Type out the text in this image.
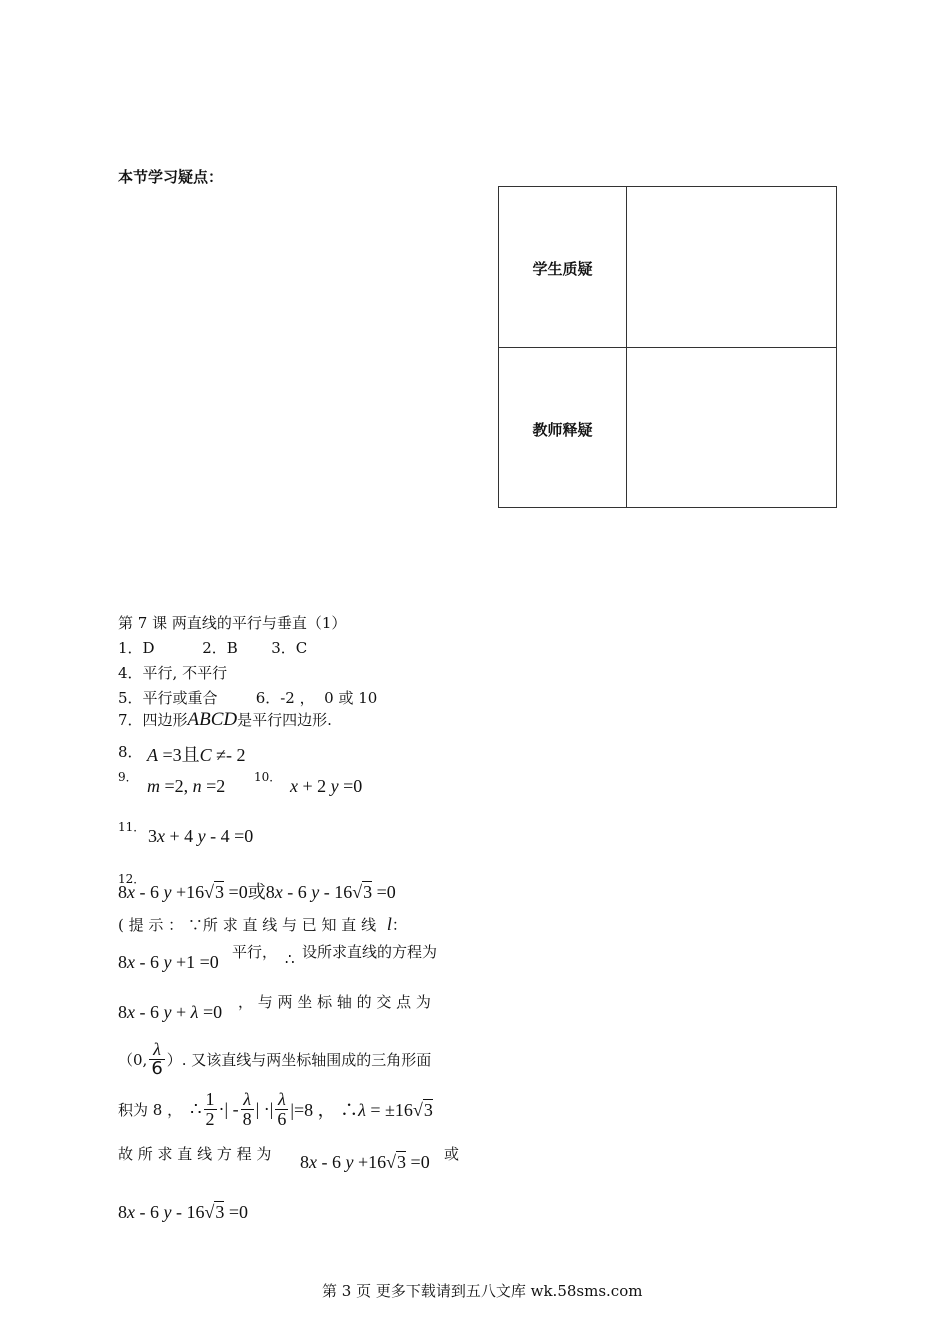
本节学习疑点：
学生质疑
教师释疑
第 7 课 两直线的平行与垂直（1）
1．D          2．B       3．C
4．平行, 不平行
5．平行或重合        6．-2 ，  0 或 10
7．四边形ABCD是平行四边形.
8． A =3且C ≠- 2
9． m =2, n =2 10． x + 2 y =0
11． 3x + 4 y - 4 =0
12．
8x - 6 y +16√3 =0或8x - 6 y - 16√3 =0
( 提 示 ： ∵所 求 直 线 与 已 知 直 线 l：
8x - 6 y +1 =0 平行， ∴ 设所求直线的方程为
8x - 6 y + λ =0 ， 与 两 坐 标 轴 的 交 点 为
（0, $\frac{\lambda}{6}$ ）. 又该直线与两坐标轴围成的三角形面
积为 8 ， ∴ $\frac{1}{2}$ ·| - $\frac{\lambda}{8}$ | ·| $\frac{\lambda}{6} |=8$ ， ∴λ = ±16√3
故 所 求 直 线 方 程 为 8x - 6 y +16√3 =0 或
8x - 6 y - 16√3 =0
第 3 页 更多下载请到五八文库 wk.58sms.com
